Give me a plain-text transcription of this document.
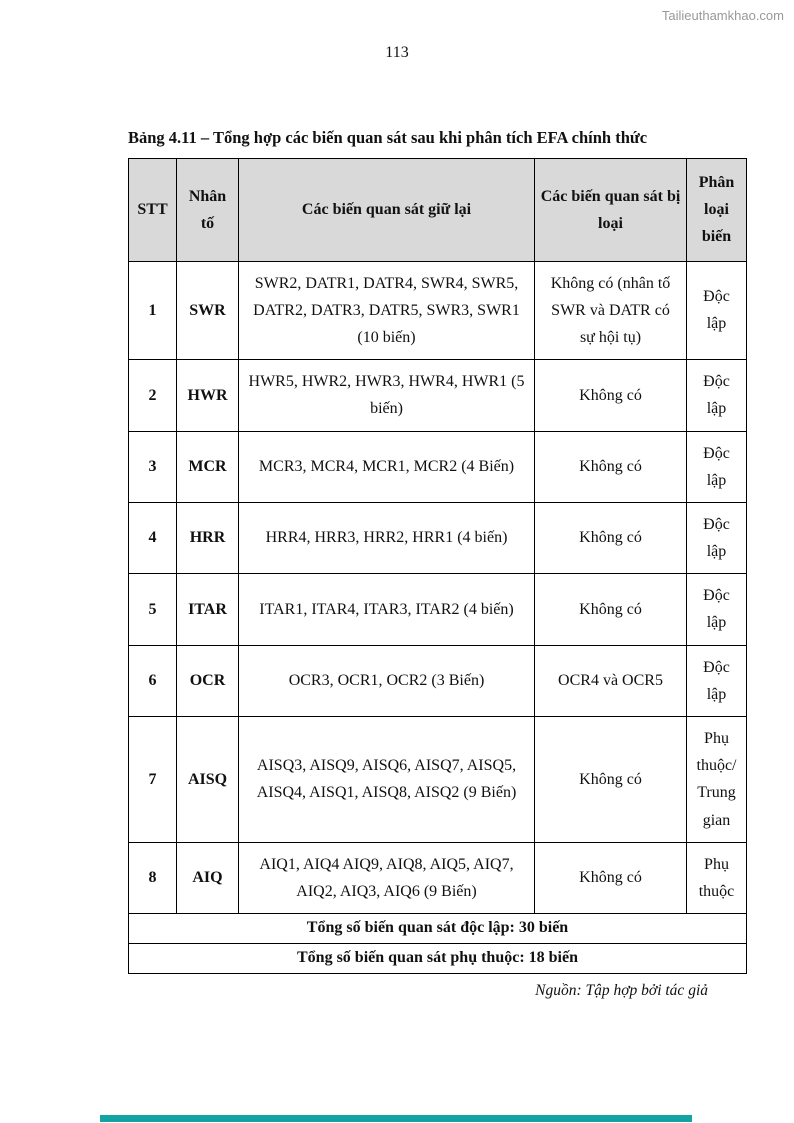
Tailieuthamkhao.com
113
Bảng 4.11 – Tổng hợp các biến quan sát sau khi phân tích EFA chính thức
STT	Nhân tố	Các biến quan sát giữ lại	Các biến quan sát bị loại	Phân loại biến
1	SWR	SWR2, DATR1, DATR4, SWR4, SWR5, DATR2, DATR3, DATR5, SWR3, SWR1 (10 biến)	Không có (nhân tố SWR và DATR có sự hội tụ)	Độc lập
2	HWR	HWR5, HWR2, HWR3, HWR4, HWR1 (5 biến)	Không có	Độc lập
3	MCR	MCR3, MCR4, MCR1, MCR2 (4 Biến)	Không có	Độc lập
4	HRR	HRR4, HRR3, HRR2, HRR1 (4 biến)	Không có	Độc lập
5	ITAR	ITAR1, ITAR4, ITAR3, ITAR2 (4 biến)	Không có	Độc lập
6	OCR	OCR3, OCR1, OCR2 (3 Biến)	OCR4 và OCR5	Độc lập
7	AISQ	AISQ3, AISQ9, AISQ6, AISQ7, AISQ5, AISQ4, AISQ1, AISQ8, AISQ2 (9 Biến)	Không có	Phụ thuộc/ Trung gian
8	AIQ	AIQ1, AIQ4 AIQ9, AIQ8, AIQ5, AIQ7, AIQ2, AIQ3, AIQ6 (9 Biến)	Không có	Phụ thuộc
Tổng số biến quan sát độc lập: 30 biến				
Tổng số biến quan sát phụ thuộc: 18 biến				
Nguồn: Tập hợp bởi tác giả
